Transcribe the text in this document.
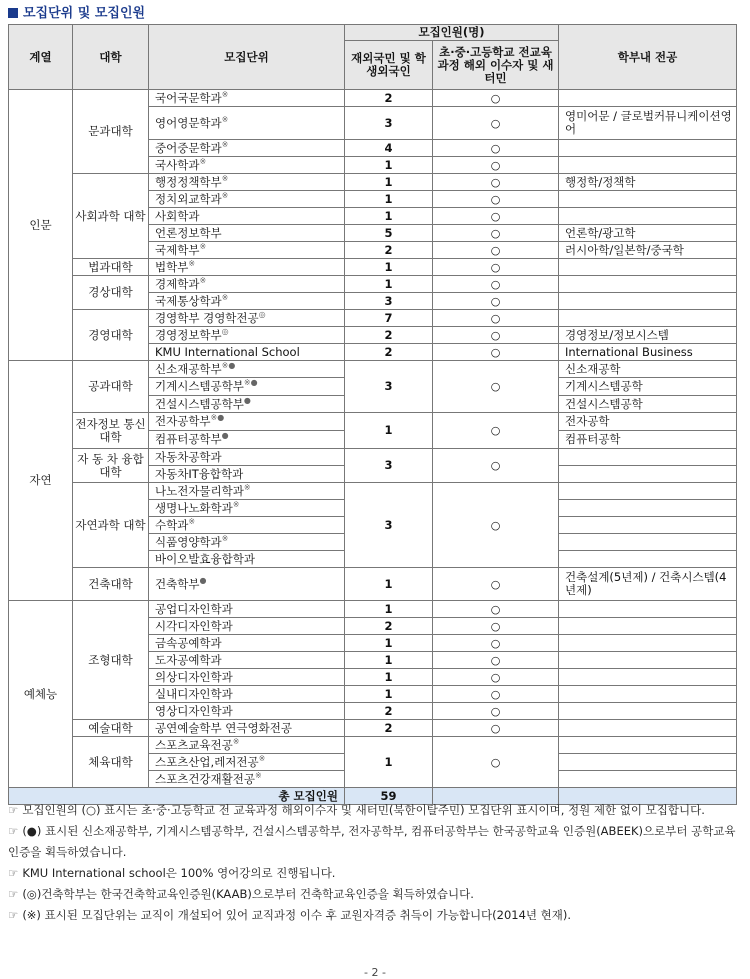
모집단위 및 모집인원
계열	대학	모집단위	모집인원(명)		학부내 전공
			재외국민 및 학생외국인	초·중·고등학교 전교육과정 해외 이수자 및 새터민	
인문	문과대학	국어국문학과※	2	○	
		영어영문학과※	3	○	영미어문 / 글로벌커뮤니케이션영어
		중어중문학과※	4	○	
		국사학과※	1	○	
	사회과학 대학	행정정책학부※	1	○	행정학/정책학
		정치외교학과※	1	○	
		사회학과	1	○	
		언론정보학부	5	○	언론학/광고학
		국제학부※	2	○	러시아학/일본학/중국학
	법과대학	법학부※	1	○	
	경상대학	경제학과※	1	○	
		국제통상학과※	3	○	
	경영대학	경영학부 경영학전공◎	7	○	
		경영정보학부◎	2	○	경영정보/정보시스템
		KMU International School	2	○	International Business
자연	공과대학	신소재공학부※●	3	○	신소재공학
		기계시스템공학부※●			기계시스템공학
		건설시스템공학부●			건설시스템공학
	전자정보 통신대학	전자공학부※●	1	○	전자공학
		컴퓨터공학부●			컴퓨터공학
	자 동 차 융합대학	자동차공학과	3	○	
		자동차IT융합학과			
	자연과학 대학	나노전자물리학과※	3	○	
		생명나노화학과※	
		수학과※	
		식품영양학과※	
		바이오발효융합학과			
	건축대학	건축학부●	1	○	건축설계(5년제) / 건축시스템(4년제)
예체능	조형대학	공업디자인학과	1	○	
		시각디자인학과	2	○	
		금속공예학과	1	○	
		도자공예학과	1	○	
		의상디자인학과	1	○	
		실내디자인학과	1	○	
		영상디자인학과	2	○	
	예술대학	공연예술학부 연극영화전공	2	○	
	체육대학	스포츠교육전공※	1	○	
		스포츠산업,레저전공※	
		스포츠건강재활전공※	
총 모집인원			59		

☞ 모집인원의 (○) 표시는 초·중·고등학교 전 교육과정 해외이수자 및 새터민(북한이탈주민) 모집단위 표시이며, 정원 제한 없이 모집합니다.

☞ (●) 표시된 신소재공학부, 기계시스템공학부, 건설시스템공학부, 전자공학부, 컴퓨터공학부는 한국공학교육 인증원(ABEEK)으로부터 공학교육인증을 획득하였습니다.

☞ KMU International school은 100% 영어강의로 진행됩니다.

☞ (◎)건축학부는 한국건축학교육인증원(KAAB)으로부터 건축학교육인증을 획득하였습니다.

☞ (※) 표시된 모집단위는 교직이 개설되어 있어 교직과정 이수 후 교원자격증 취득이 가능합니다(2014년 현재).

- 2 -
